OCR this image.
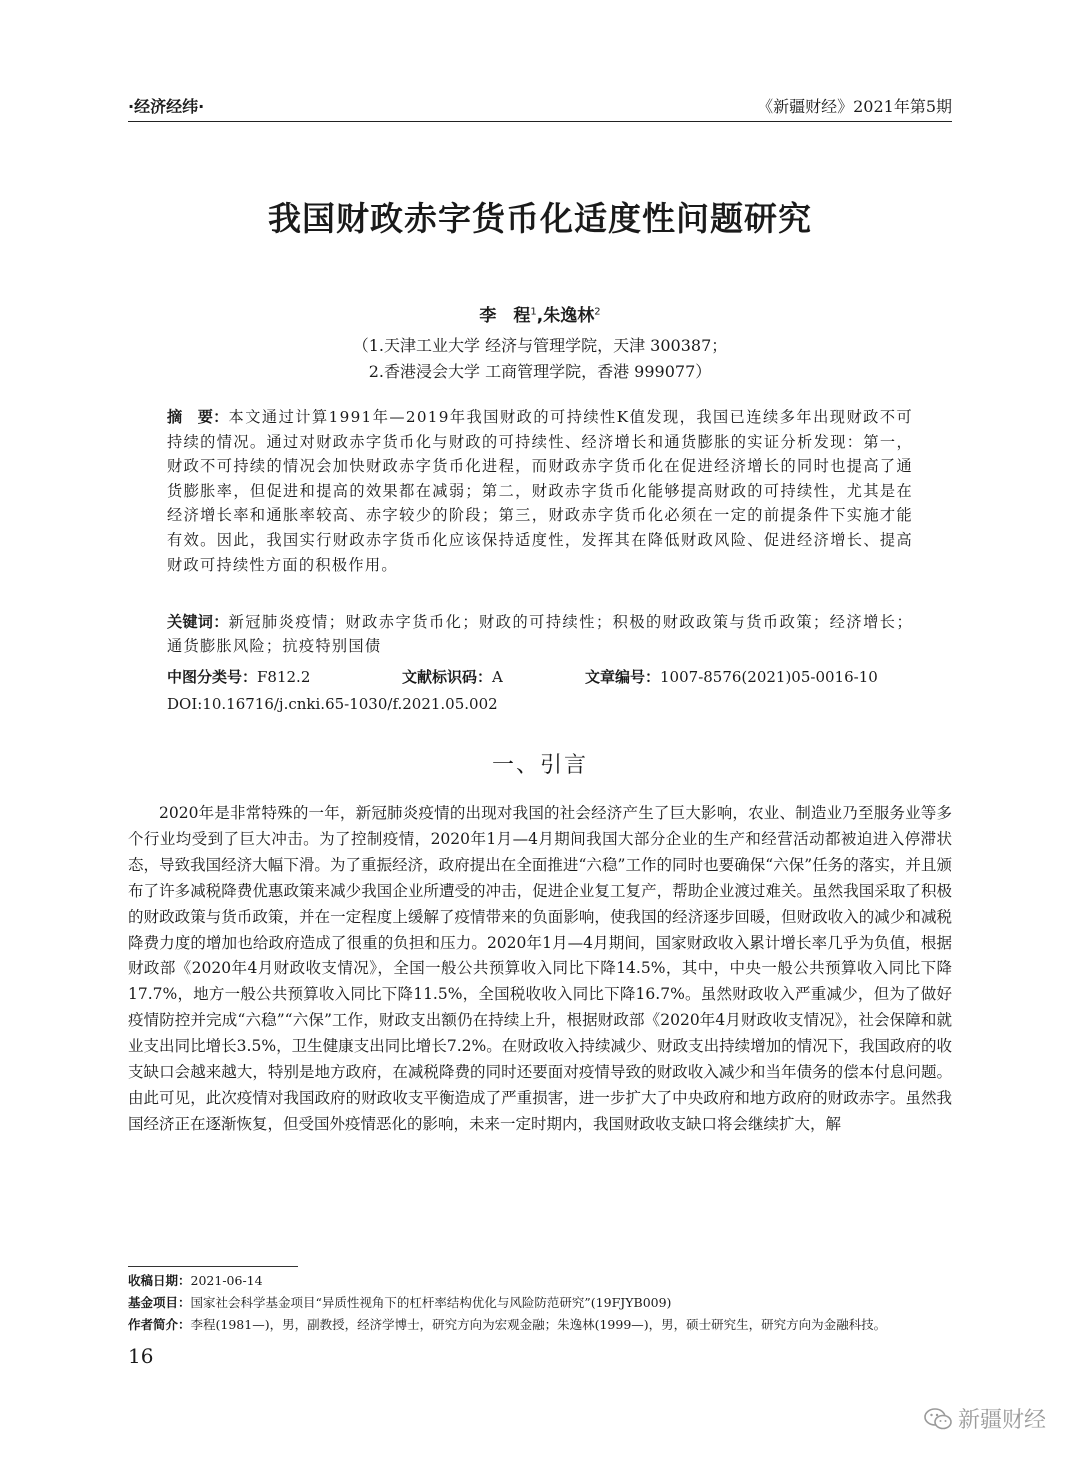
·经济经纬·	《新疆财经》2021年第5期
我国财政赤字货币化适度性问题研究
李　程$^1$,朱逸林$^2$
（1.天津工业大学 经济与管理学院，天津 300387；
2.香港浸会大学 工商管理学院，香港 999077）
摘　要：本文通过计算1991年—2019年我国财政的可持续性K值发现，我国已连续多年出现财政不可持续的情况。通过对财政赤字货币化与财政的可持续性、经济增长和通货膨胀的实证分析发现：第一，财政不可持续的情况会加快财政赤字货币化进程，而财政赤字货币化在促进经济增长的同时也提高了通货膨胀率，但促进和提高的效果都在减弱；第二，财政赤字货币化能够提高财政的可持续性，尤其是在经济增长率和通胀率较高、赤字较少的阶段；第三，财政赤字货币化必须在一定的前提条件下实施才能有效。因此，我国实行财政赤字货币化应该保持适度性，发挥其在降低财政风险、促进经济增长、提高财政可持续性方面的积极作用。
关键词：新冠肺炎疫情；财政赤字货币化；财政的可持续性；积极的财政政策与货币政策；经济增长；通货膨胀风险；抗疫特别国债
中图分类号：F812.2	文献标识码：A	文章编号：1007-8576(2021)05-0016-10
DOI:10.16716/j.cnki.65-1030/f.2021.05.002
一、引言
2020年是非常特殊的一年，新冠肺炎疫情的出现对我国的社会经济产生了巨大影响，农业、制造业乃至服务业等多个行业均受到了巨大冲击。为了控制疫情，2020年1月—4月期间我国大部分企业的生产和经营活动都被迫进入停滞状态，导致我国经济大幅下滑。为了重振经济，政府提出在全面推进“六稳”工作的同时也要确保“六保”任务的落实，并且颁布了许多减税降费优惠政策来减少我国企业所遭受的冲击，促进企业复工复产，帮助企业渡过难关。虽然我国采取了积极的财政政策与货币政策，并在一定程度上缓解了疫情带来的负面影响，使我国的经济逐步回暖，但财政收入的减少和减税降费力度的增加也给政府造成了很重的负担和压力。2020年1月—4月期间，国家财政收入累计增长率几乎为负值，根据财政部《2020年4月财政收支情况》，全国一般公共预算收入同比下降14.5%，其中，中央一般公共预算收入同比下降17.7%，地方一般公共预算收入同比下降11.5%，全国税收收入同比下降16.7%。虽然财政收入严重减少，但为了做好疫情防控并完成“六稳”“六保”工作，财政支出额仍在持续上升，根据财政部《2020年4月财政收支情况》，社会保障和就业支出同比增长3.5%，卫生健康支出同比增长7.2%。在财政收入持续减少、财政支出持续增加的情况下，我国政府的收支缺口会越来越大，特别是地方政府，在减税降费的同时还要面对疫情导致的财政收入减少和当年债务的偿本付息问题。由此可见，此次疫情对我国政府的财政收支平衡造成了严重损害，进一步扩大了中央政府和地方政府的财政赤字。虽然我国经济正在逐渐恢复，但受国外疫情恶化的影响，未来一定时期内，我国财政收支缺口将会继续扩大，解
收稿日期：2021-06-14
基金项目：国家社会科学基金项目“异质性视角下的杠杆率结构优化与风险防范研究”(19FJYB009)
作者简介：李程(1981—)，男，副教授，经济学博士，研究方向为宏观金融；朱逸林(1999—)，男，硕士研究生，研究方向为金融科技。
16
新疆财经
